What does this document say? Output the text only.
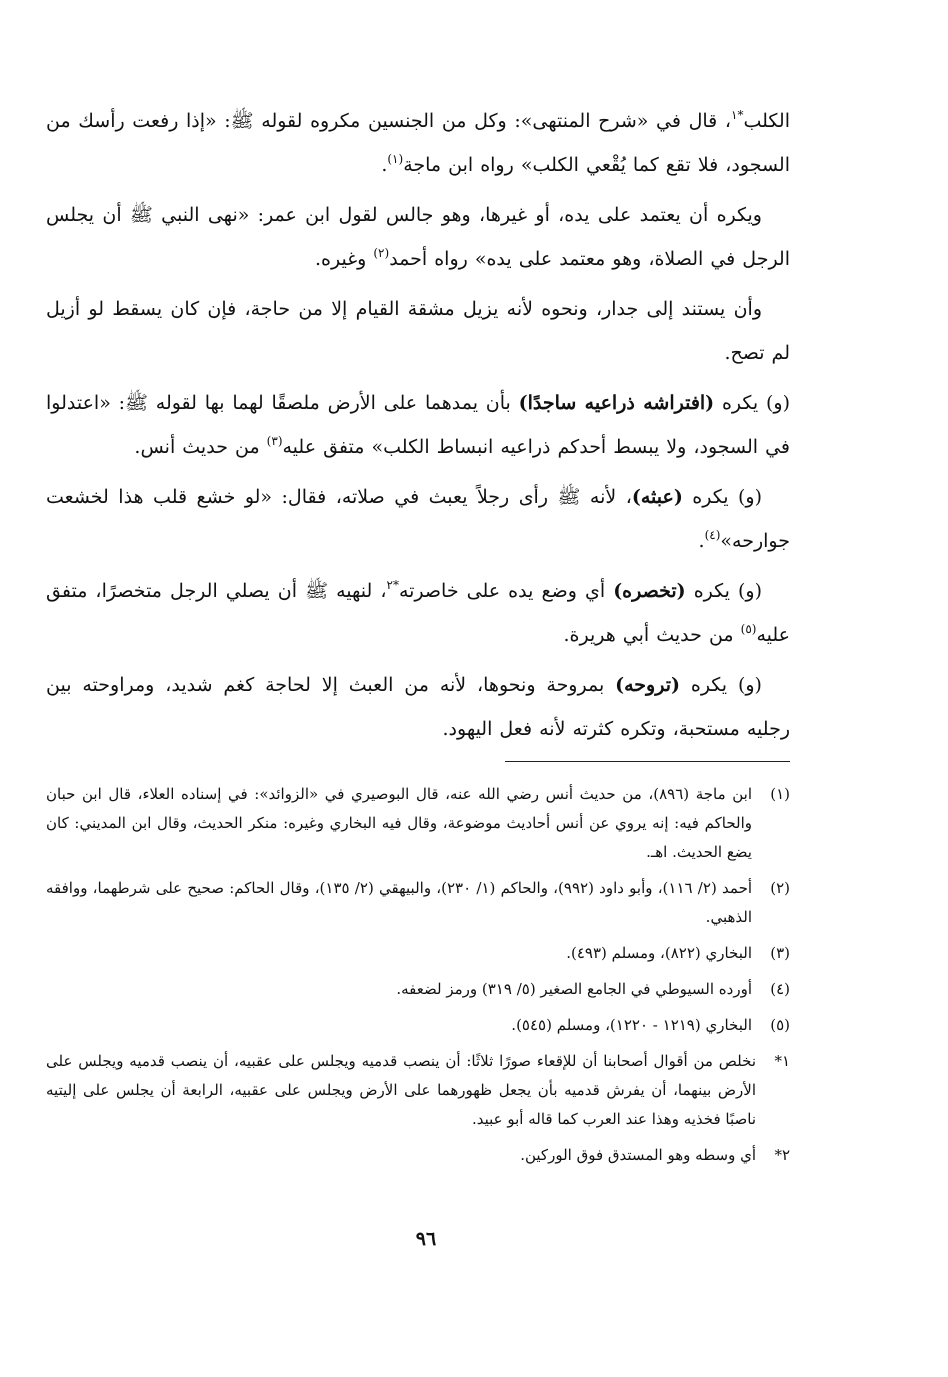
الكلب$^{*١}$، قال في «شرح المنتهى»: وكل من الجنسين مكروه لقوله ﷺ: «إذا رفعت رأسك من السجود، فلا تقع كما يُقْعي الكلب» رواه ابن ماجة$^{(١)}$.

ويكره أن يعتمد على يده، أو غيرها، وهو جالس لقول ابن عمر: «نهى النبي ﷺ أن يجلس الرجل في الصلاة، وهو معتمد على يده» رواه أحمد$^{(٢)}$ وغيره.

وأن يستند إلى جدار، ونحوه لأنه يزيل مشقة القيام إلا من حاجة، فإن كان يسقط لو أزيل لم تصح.

(و) يكره (افتراشه ذراعيه ساجدًا) بأن يمدهما على الأرض ملصقًا لهما بها لقوله ﷺ: «اعتدلوا في السجود، ولا يبسط أحدكم ذراعيه انبساط الكلب» متفق عليه$^{(٣)}$ من حديث أنس.

(و) يكره (عبثه)، لأنه ﷺ رأى رجلاً يعبث في صلاته، فقال: «لو خشع قلب هذا لخشعت جوارحه»$^{(٤)}$.

(و) يكره (تخصره) أي وضع يده على خاصرته$^{*٢}$، لنهيه ﷺ أن يصلي الرجل متخصرًا، متفق عليه$^{(٥)}$ من حديث أبي هريرة.

(و) يكره (تروحه) بمروحة ونحوها، لأنه من العبث إلا لحاجة كغم شديد، ومراوحته بين رجليه مستحبة، وتكره كثرته لأنه فعل اليهود.

(١)
ابن ماجة (٨٩٦)، من حديث أنس رضي الله عنه، قال البوصيري في «الزوائد»: في إسناده العلاء، قال ابن حبان والحاكم فيه: إنه يروي عن أنس أحاديث موضوعة، وقال فيه البخاري وغيره: منكر الحديث، وقال ابن المديني: كان يضع الحديث. اهـ.
(٢)
أحمد (٢/ ١١٦)، وأبو داود (٩٩٢)، والحاكم (١/ ٢٣٠)، والبيهقي (٢/ ١٣٥)، وقال الحاكم: صحيح على شرطهما، ووافقه الذهبي.
(٣)
البخاري (٨٢٢)، ومسلم (٤٩٣).
(٤)
أورده السيوطي في الجامع الصغير (٥/ ٣١٩) ورمز لضعفه.
(٥)
البخاري (١٢١٩ - ١٢٢٠)، ومسلم (٥٤٥).
١*
نخلص من أقوال أصحابنا أن للإقعاء صورًا ثلاثًا: أن ينصب قدميه ويجلس على عقبيه، أن ينصب قدميه ويجلس على الأرض بينهما، أن يفرش قدميه بأن يجعل ظهورهما على الأرض ويجلس على عقبيه، الرابعة أن يجلس على إليتيه ناصبًا فخذيه وهذا عند العرب كما قاله أبو عبيد.
٢*
أي وسطه وهو المستدق فوق الوركين.
٩٦
